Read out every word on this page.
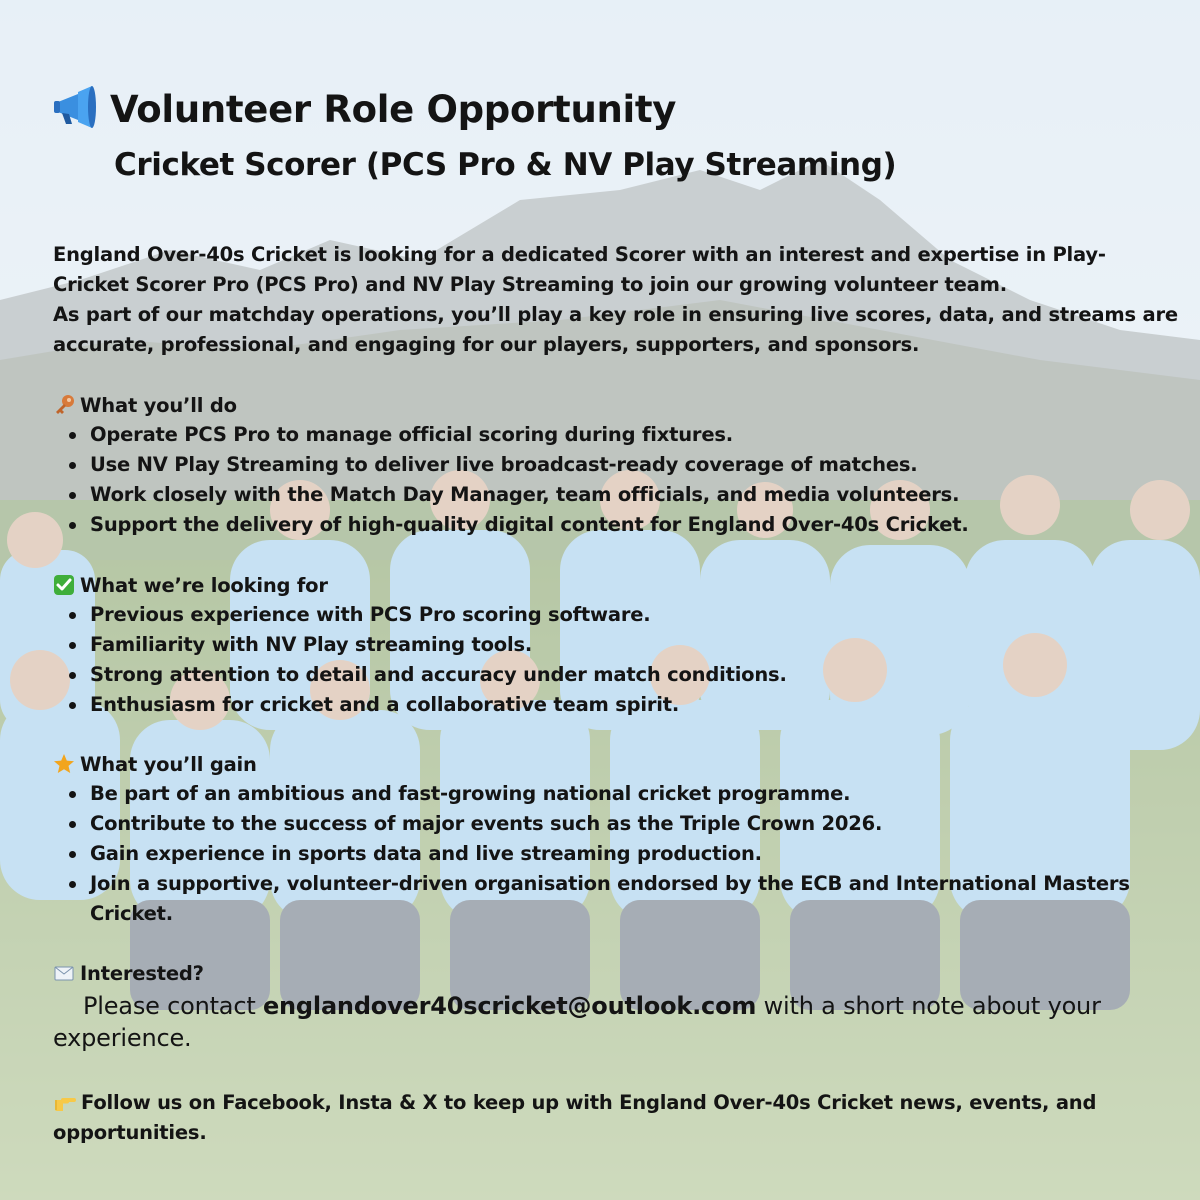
Volunteer Role Opportunity
Cricket Scorer (PCS Pro & NV Play Streaming)
England Over-40s Cricket is looking for a dedicated Scorer with an interest and expertise in Play-Cricket Scorer Pro (PCS Pro) and NV Play Streaming to join our growing volunteer team.
As part of our matchday operations, you’ll play a key role in ensuring live scores, data, and streams are accurate, professional, and engaging for our players, supporters, and sponsors.
What you’ll do
Operate PCS Pro to manage official scoring during fixtures.
Use NV Play Streaming to deliver live broadcast-ready coverage of matches.
Work closely with the Match Day Manager, team officials, and media volunteers.
Support the delivery of high-quality digital content for England Over-40s Cricket.
What we’re looking for
Previous experience with PCS Pro scoring software.
Familiarity with NV Play streaming tools.
Strong attention to detail and accuracy under match conditions.
Enthusiasm for cricket and a collaborative team spirit.
What you’ll gain
Be part of an ambitious and fast-growing national cricket programme.
Contribute to the success of major events such as the Triple Crown 2026.
Gain experience in sports data and live streaming production.
Join a supportive, volunteer-driven organisation endorsed by the ECB and International Masters Cricket.
Interested?
Please contact englandover40scricket@outlook.com with a short note about your experience.
Follow us on Facebook, Insta & X to keep up with England Over-40s Cricket news, events, and opportunities.
